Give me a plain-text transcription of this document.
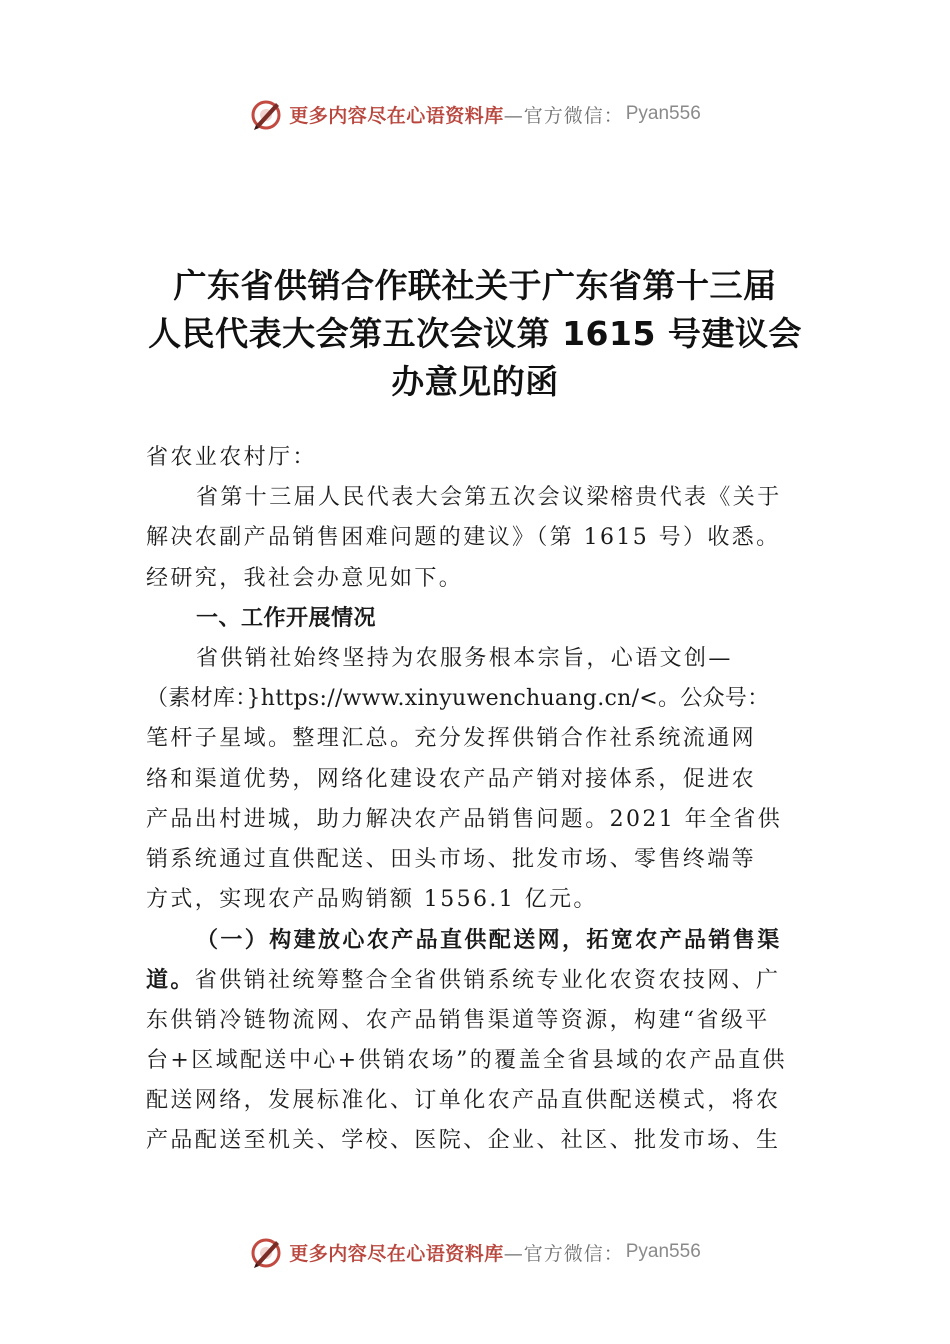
更多内容尽在心语资料库 —官方微信： Pyan556
广东省供销合作联社关于广东省第十三届
人民代表大会第五次会议第 1615 号建议会
办意见的函
省农业农村厅：
省第十三届人民代表大会第五次会议梁榕贵代表《关于
解决农副产品销售困难问题的建议》（第 1615 号）收悉。
经研究，我社会办意见如下。
一、工作开展情况
省供销社始终坚持为农服务根本宗旨，心语文创—
（素材库：}https://www.xinyuwenchuang.cn/<。公众号：
笔杆子星域。整理汇总。充分发挥供销合作社系统流通网
络和渠道优势，网络化建设农产品产销对接体系，促进农
产品出村进城，助力解决农产品销售问题。2021 年全省供
销系统通过直供配送、田头市场、批发市场、零售终端等
方式，实现农产品购销额 1556.1 亿元。
（一）构建放心农产品直供配送网，拓宽农产品销售渠
道。省供销社统筹整合全省供销系统专业化农资农技网、广
东供销冷链物流网、农产品销售渠道等资源，构建“省级平
台+区域配送中心+供销农场”的覆盖全省县域的农产品直供
配送网络，发展标准化、订单化农产品直供配送模式，将农
产品配送至机关、学校、医院、企业、社区、批发市场、生
更多内容尽在心语资料库 —官方微信： Pyan556
